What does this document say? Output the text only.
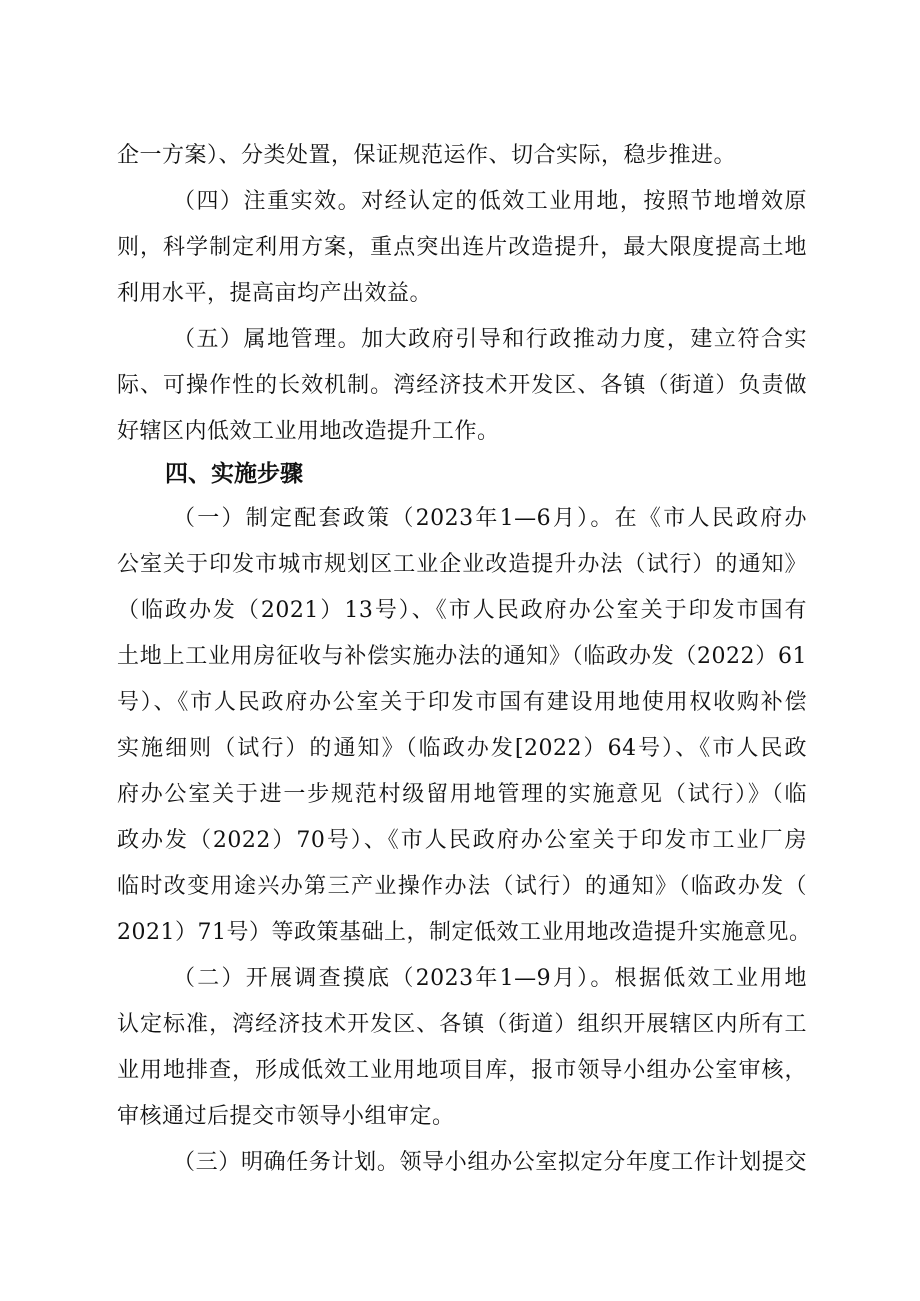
企一方案）、分类处置，保证规范运作、切合实际，稳步推进。
（四）注重实效。对经认定的低效工业用地，按照节地增效原
则，科学制定利用方案，重点突出连片改造提升，最大限度提高土地
利用水平，提高亩均产出效益。
（五）属地管理。加大政府引导和行政推动力度，建立符合实
际、可操作性的长效机制。湾经济技术开发区、各镇（街道）负责做
好辖区内低效工业用地改造提升工作。
四、实施步骤
（一）制定配套政策（2023年1—6月）。在《市人民政府办
公室关于印发市城市规划区工业企业改造提升办法（试行）的通知》
（临政办发（2021）13号）、《市人民政府办公室关于印发市国有
土地上工业用房征收与补偿实施办法的通知》（临政办发（2022）61
号）、《市人民政府办公室关于印发市国有建设用地使用权收购补偿
实施细则（试行）的通知》（临政办发[2022）64号）、《市人民政
府办公室关于进一步规范村级留用地管理的实施意见（试行）》（临
政办发（2022）70号）、《市人民政府办公室关于印发市工业厂房
临时改变用途兴办第三产业操作办法（试行）的通知》（临政办发（
2021）71号）等政策基础上，制定低效工业用地改造提升实施意见。
（二）开展调查摸底（2023年1—9月）。根据低效工业用地
认定标准，湾经济技术开发区、各镇（街道）组织开展辖区内所有工
业用地排查，形成低效工业用地项目库，报市领导小组办公室审核，
审核通过后提交市领导小组审定。
（三）明确任务计划。领导小组办公室拟定分年度工作计划提交
